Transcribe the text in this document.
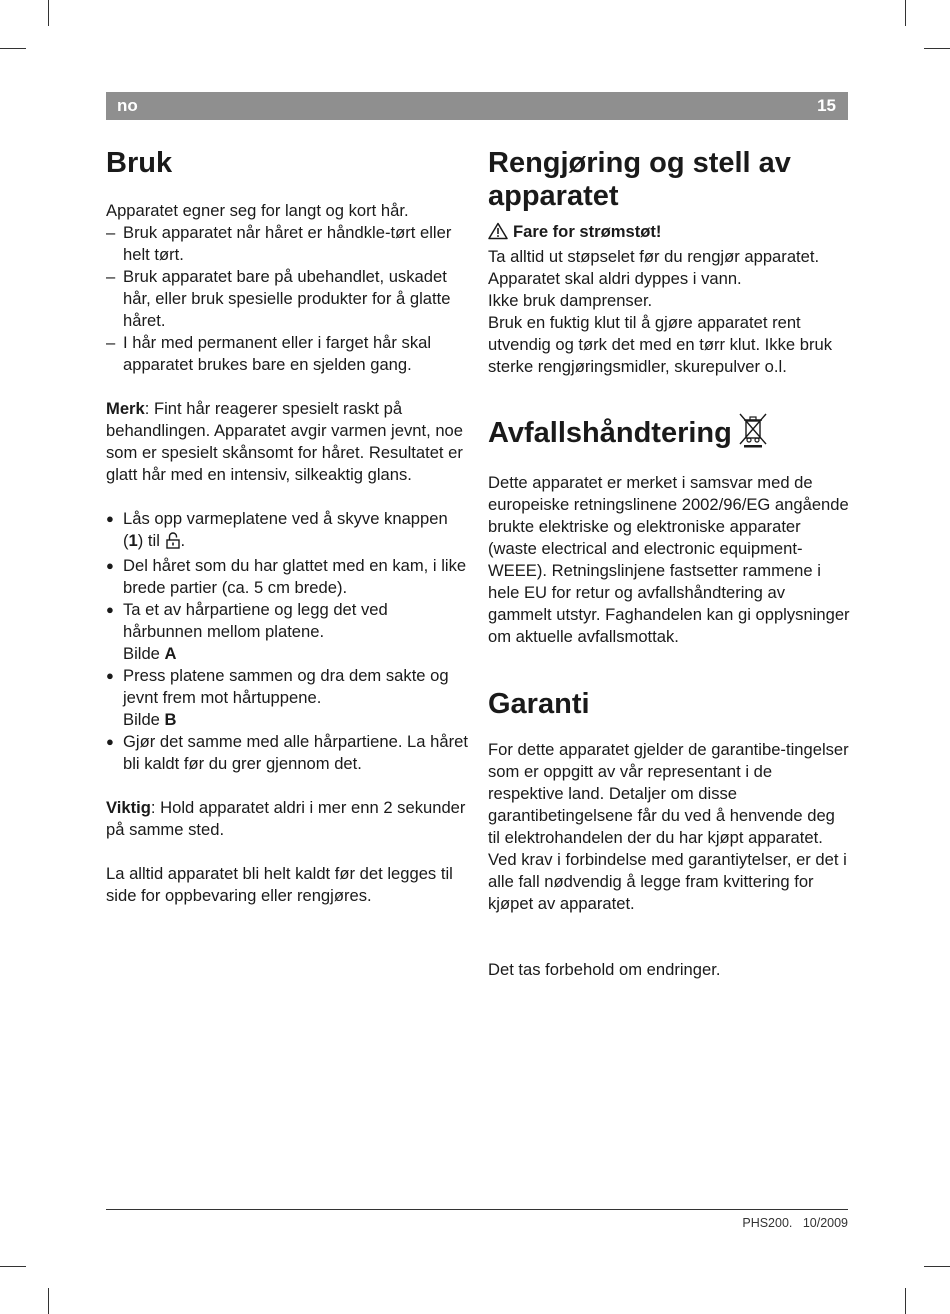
no	15
Bruk

Apparatet egner seg for langt og kort hår.

– Bruk apparatet når håret er håndkle-tørt eller helt tørt.
– Bruk apparatet bare på ubehandlet, uskadet hår, eller bruk spesielle produkter for å glatte håret.
– I hår med permanent eller i farget hår skal apparatet brukes bare en sjelden gang.

Merk: Fint hår reagerer spesielt raskt på behandlingen. Apparatet avgir varmen jevnt, noe som er spesielt skånsomt for håret. Resultatet er glatt hår med en intensiv, silkeaktig glans.

● Lås opp varmeplatene ved å skyve knappen (1) til .
● Del håret som du har glattet med en kam, i like brede partier (ca. 5 cm brede).
● Ta et av hårpartiene og legg det ved hårbunnen mellom platene.
Bilde A
● Press platene sammen og dra dem sakte og jevnt frem mot hårtuppene.
Bilde B
● Gjør det samme med alle hårpartiene. La håret bli kaldt før du grer gjennom det.

Viktig: Hold apparatet aldri i mer enn 2 sekunder på samme sted.

La alltid apparatet bli helt kaldt før det legges til side for oppbevaring eller rengjøres.

Rengjøring og stell av apparatet

Fare for strømstøt!

Ta alltid ut støpselet før du rengjør apparatet.

Apparatet skal aldri dyppes i vann.

Ikke bruk damprenser.

Bruk en fuktig klut til å gjøre apparatet rent utvendig og tørk det med en tørr klut. Ikke bruk sterke rengjøringsmidler, skurepulver o.l.

Avfallshåndtering

Dette apparatet er merket i samsvar med de europeiske retningslinene 2002/96/EG angående brukte elektriske og elektroniske apparater (waste electrical and electronic equipment-WEEE). Retningslinjene fastsetter rammene i hele EU for retur og avfallshåndtering av gammelt utstyr. Faghandelen kan gi opplysninger om aktuelle avfallsmottak.

Garanti

For dette apparatet gjelder de garantibe-tingelser som er oppgitt av vår representant i de respektive land. Detaljer om disse garantibetingelsene får du ved å henvende deg til elektrohandelen der du har kjøpt apparatet. Ved krav i forbindelse med garantiytelser, er det i alle fall nødvendig å legge fram kvittering for kjøpet av apparatet.

Det tas forbehold om endringer.

PHS200. 10/2009
